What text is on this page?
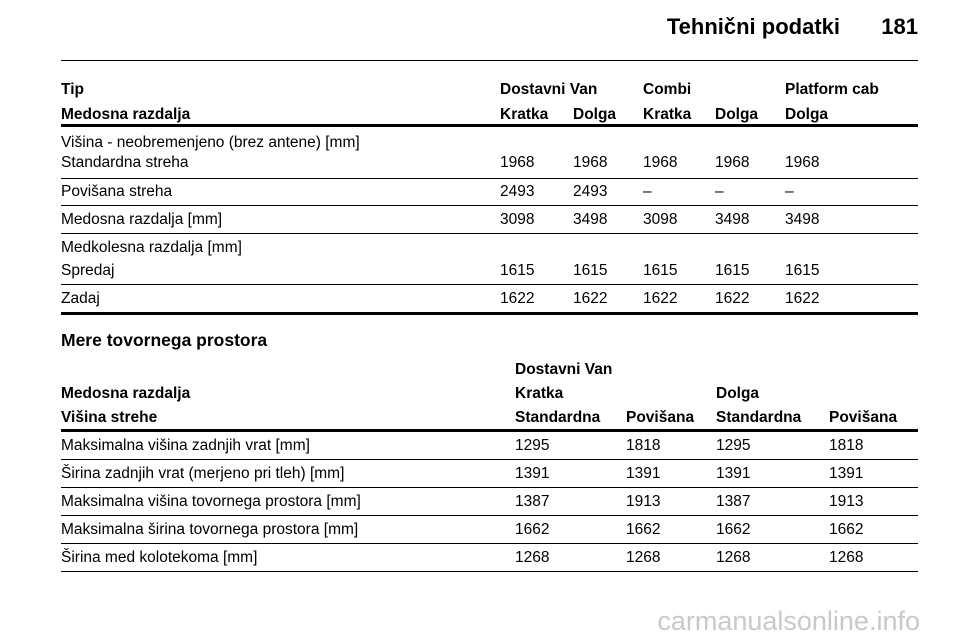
Tehnični podatki 181
Tip	Dostavni Van	Combi	Platform cab
Medosna razdalja	Kratka Dolga Kratka Dolga Dolga
Višina - neobremenjeno (brez antene) [mm]
Standardna streha	1968 1968 1968 1968 1968
Povišana streha	2493 2493 –	–	–
Medosna razdalja [mm]	3098 3498 3098 3498 3498
Medkolesna razdalja [mm]
Spredaj	1615 1615 1615 1615 1615
Zadaj	1622 1622 1622 1622 1622
Mere tovornega prostora
Dostavni Van
Medosna razdalja	Kratka	Dolga
Višina strehe	Standardna Povišana Standardna Povišana
Maksimalna višina zadnjih vrat [mm]	1295	1818	1295	1818
Širina zadnjih vrat (merjeno pri tleh) [mm]	1391	1391	1391	1391
Maksimalna višina tovornega prostora [mm]	1387	1913	1387	1913
Maksimalna širina tovornega prostora [mm]	1662	1662	1662	1662
Širina med kolotekoma [mm]	1268	1268	1268	1268
carmanualsonline.info
